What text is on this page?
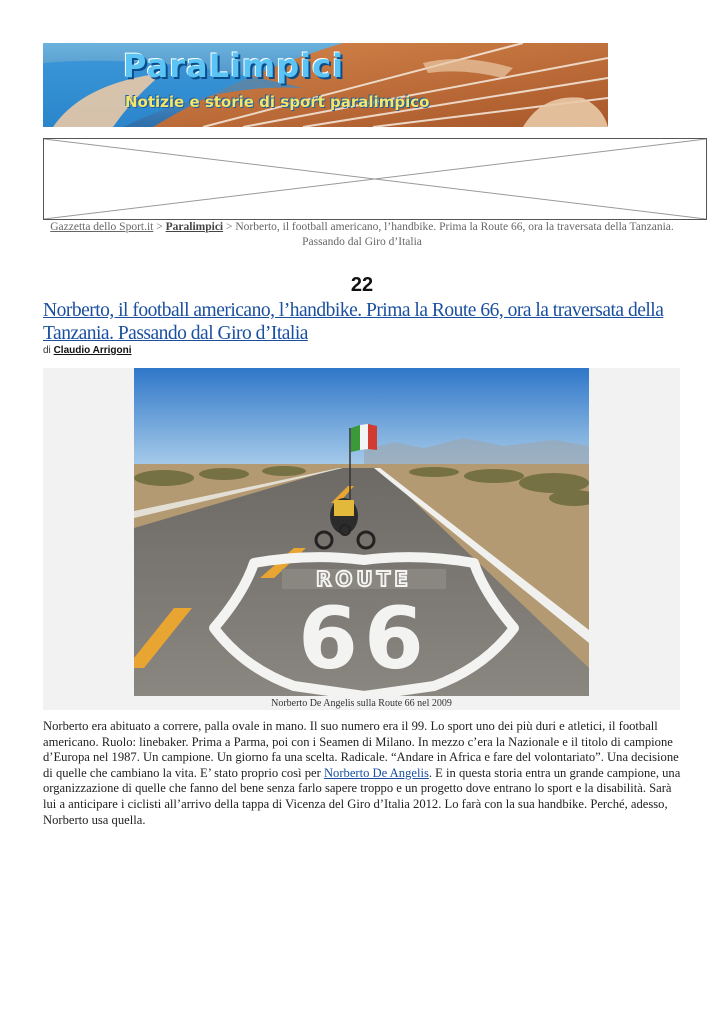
ParaLimpici
Notizie e storie di sport paralimpico
Gazzetta dello Sport.it > Paralimpici > Norberto, il football americano, l’handbike. Prima la Route 66, ora la traversata della Tanzania. Passando dal Giro d’Italia
22
Norberto, il football americano, l’handbike. Prima la Route 66, ora la traversata della Tanzania. Passando dal Giro d’Italia
di Claudio Arrigoni
ROUTE
66
Norberto De Angelis sulla Route 66 nel 2009
Norberto era abituato a correre, palla ovale in mano. Il suo numero era il 99. Lo sport uno dei più duri e atletici, il football americano. Ruolo: linebaker. Prima a Parma, poi con i Seamen di Milano. In mezzo c’era la Nazionale e il titolo di campione d’Europa nel 1987. Un campione. Un giorno fa una scelta. Radicale. “Andare in Africa e fare del volontariato”. Una decisione di quelle che cambiano la vita. E’ stato proprio così per Norberto De Angelis. E in questa storia entra un grande campione, una organizzazione di quelle che fanno del bene senza farlo sapere troppo e un progetto dove entrano lo sport e la disabilità. Sarà lui a anticipare i ciclisti all’arrivo della tappa di Vicenza del Giro d’Italia 2012. Lo farà con la sua handbike. Perché, adesso, Norberto usa quella.
